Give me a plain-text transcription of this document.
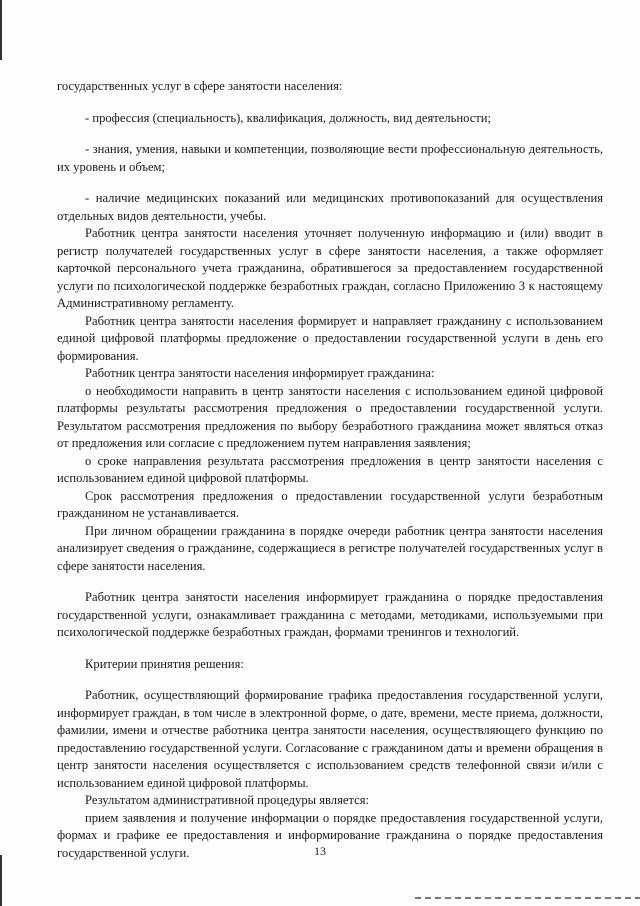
государственных услуг в сфере занятости населения:

- профессия (специальность), квалификация, должность, вид деятельности;

- знания, умения, навыки и компетенции, позволяющие вести профессиональную деятельность, их уровень и объем;

- наличие медицинских показаний или медицинских противопоказаний для осуществления отдельных видов деятельности, учебы.

Работник центра занятости населения уточняет полученную информацию и (или) вводит в регистр получателей государственных услуг в сфере занятости населения, а также оформляет карточкой персонального учета гражданина, обратившегося за предоставлением государственной услуги по психологической поддержке безработных граждан, согласно Приложению 3 к настоящему Административному регламенту.

Работник центра занятости населения формирует и направляет гражданину с использованием единой цифровой платформы предложение о предоставлении государственной услуги в день его формирования.

Работник центра занятости населения информирует гражданина:

о необходимости направить в центр занятости населения с использованием единой цифровой платформы результаты рассмотрения предложения о предоставлении государственной услуги. Результатом рассмотрения предложения по выбору безработного гражданина может являться отказ от предложения или согласие с предложением путем направления заявления;

о сроке направления результата рассмотрения предложения в центр занятости населения с использованием единой цифровой платформы.

Срок рассмотрения предложения о предоставлении государственной услуги безработным гражданином не устанавливается.

При личном обращении гражданина в порядке очереди работник центра занятости населения анализирует сведения о гражданине, содержащиеся в регистре получателей государственных услуг в сфере занятости населения.

Работник центра занятости населения информирует гражданина о порядке предоставления государственной услуги, ознакамливает гражданина с методами, методиками, используемыми при психологической поддержке безработных граждан, формами тренингов и технологий.

Критерии принятия решения:

Работник, осуществляющий формирование графика предоставления государственной услуги, информирует граждан, в том числе в электронной форме, о дате, времени, месте приема, должности, фамилии, имени и отчестве работника центра занятости населения, осуществляющего функцию по предоставлению государственной услуги. Согласование с гражданином даты и времени обращения в центр занятости населения осуществляется с использованием средств телефонной связи и/или с использованием единой цифровой платформы.

Результатом административной процедуры является:

прием заявления и получение информации о порядке предоставления государственной услуги, формах и графике ее предоставления и информирование гражданина о порядке предоставления государственной услуги.	13
